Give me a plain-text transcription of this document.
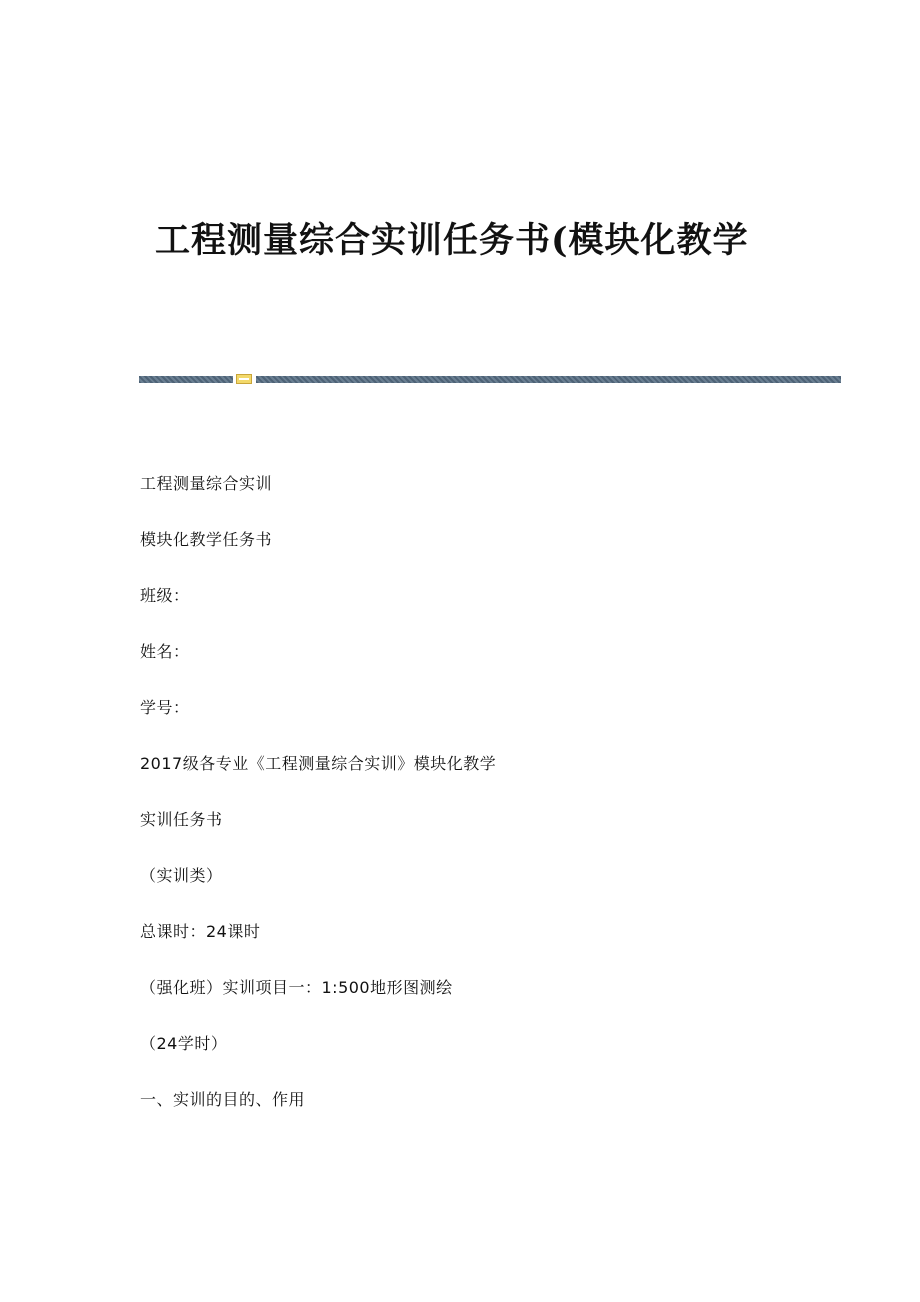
工程测量综合实训任务书(模块化教学
工程测量综合实训
模块化教学任务书
班级：
姓名：
学号：
2017级各专业《工程测量综合实训》模块化教学
实训任务书
（实训类）
总课时：24课时
（强化班）实训项目一：1:500地形图测绘
（24学时）
一、实训的目的、作用
